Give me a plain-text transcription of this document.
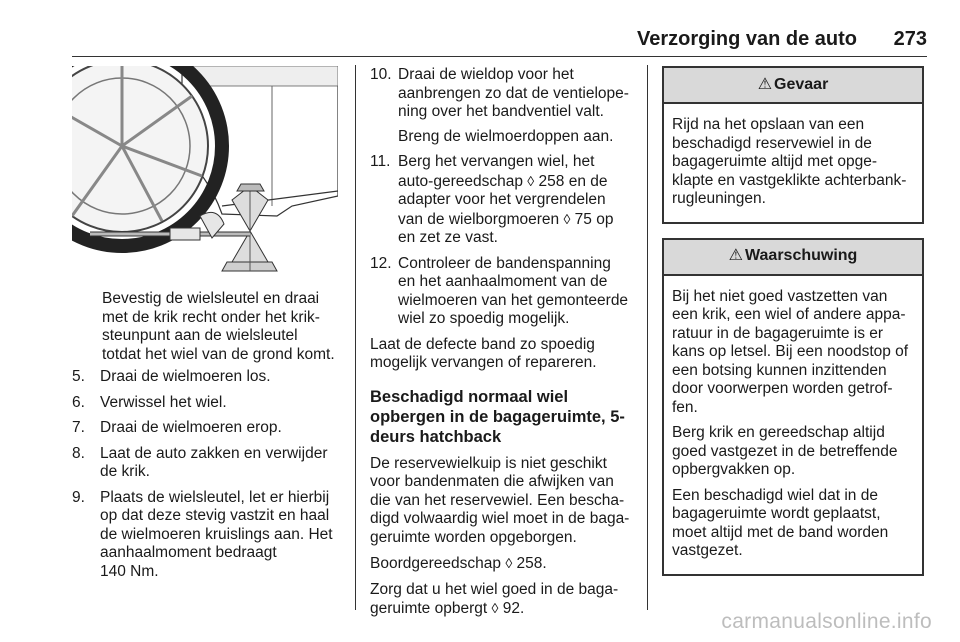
Verzorging van de auto 273

Bevestig de wielsleutel en draai met de krik recht onder het krik-steunpunt aan de wielsleutel totdat het wiel van de grond komt.

5. Draai de wielmoeren los.
6. Verwissel het wiel.
7. Draai de wielmoeren erop.
8. Laat de auto zakken en verwijder de krik.
9. Plaats de wielsleutel, let er hierbij op dat deze stevig vastzit en haal de wielmoeren kruislings aan. Het aanhaalmoment bedraagt
140 Nm.
10. Draai de wieldop voor het aanbrengen zo dat de ventielope-ning over het bandventiel valt.

Breng de wielmoerdoppen aan.

11. Berg het vervangen wiel, het auto-gereedschap ◊ 258 en de adapter voor het vergrendelen van de wielborgmoeren ◊ 75 op en zet ze vast.
12. Controleer de bandenspanning en het aanhaalmoment van de wielmoeren van het gemonteerde wiel zo spoedig mogelijk.

Laat de defecte band zo spoedig mogelijk vervangen of repareren.

Beschadigd normaal wiel opbergen in de bagageruimte, 5-deurs hatchback

De reservewielkuip is niet geschikt voor bandenmaten die afwijken van die van het reservewiel. Een bescha-digd volwaardig wiel moet in de baga-geruimte worden opgeborgen.

Boordgereedschap ◊ 258.

Zorg dat u het wiel goed in de baga-geruimte opbergt ◊ 92.

⚠ Gevaar

Rijd na het opslaan van een beschadigd reservewiel in de bagageruimte altijd met opge-klapte en vastgeklikte achterbank-rugleuningen.

⚠ Waarschuwing

Bij het niet goed vastzetten van een krik, een wiel of andere appa-ratuur in de bagageruimte is er kans op letsel. Bij een noodstop of een botsing kunnen inzittenden door voorwerpen worden getrof-fen.

Berg krik en gereedschap altijd goed vastgezet in de betreffende opbergvakken op.

Een beschadigd wiel dat in de bagageruimte wordt geplaatst, moet altijd met de band worden vastgezet.

carmanualsonline.info
